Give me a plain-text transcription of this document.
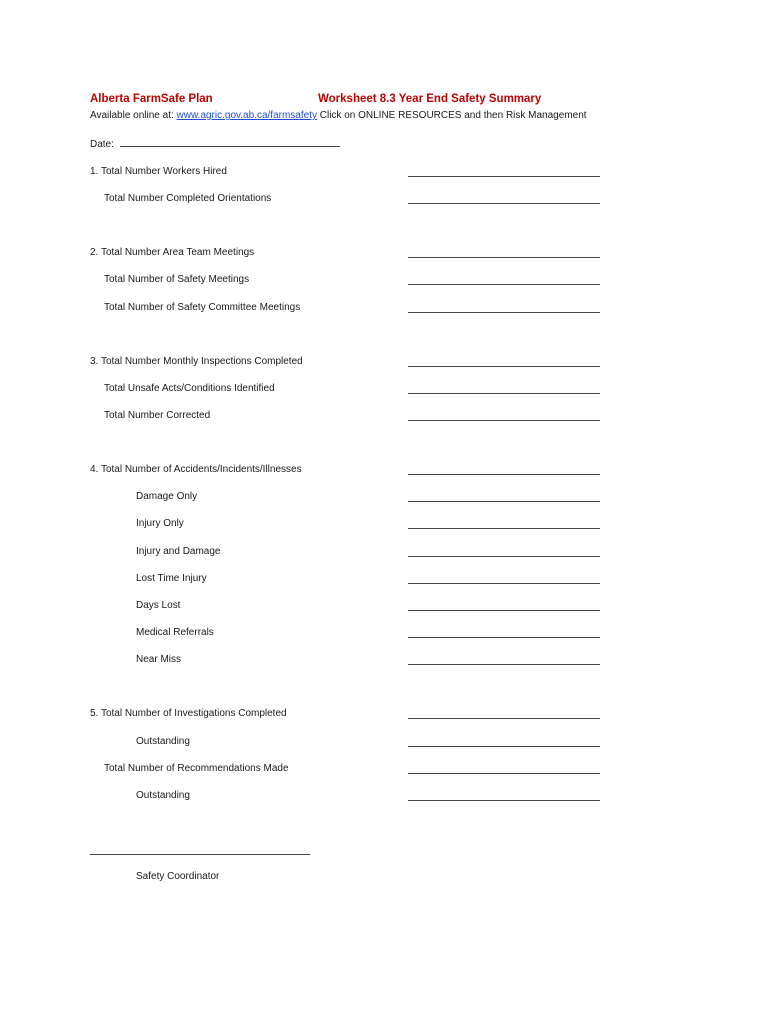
Alberta FarmSafe Plan	Worksheet 8.3 Year End Safety Summary
Available online at: www.agric.gov.ab.ca/farmsafety Click on ONLINE RESOURCES and then Risk Management
Date:
1. Total Number Workers Hired
Total Number Completed Orientations
2. Total Number Area Team Meetings
Total Number of Safety Meetings
Total Number of Safety Committee Meetings
3. Total Number Monthly Inspections Completed
Total Unsafe Acts/Conditions Identified
Total Number Corrected
4. Total Number of Accidents/Incidents/Illnesses
Damage Only
Injury Only
Injury and Damage
Lost Time Injury
Days Lost
Medical Referrals
Near Miss
5. Total Number of Investigations Completed
Outstanding
Total Number of Recommendations Made
Outstanding
Safety Coordinator
